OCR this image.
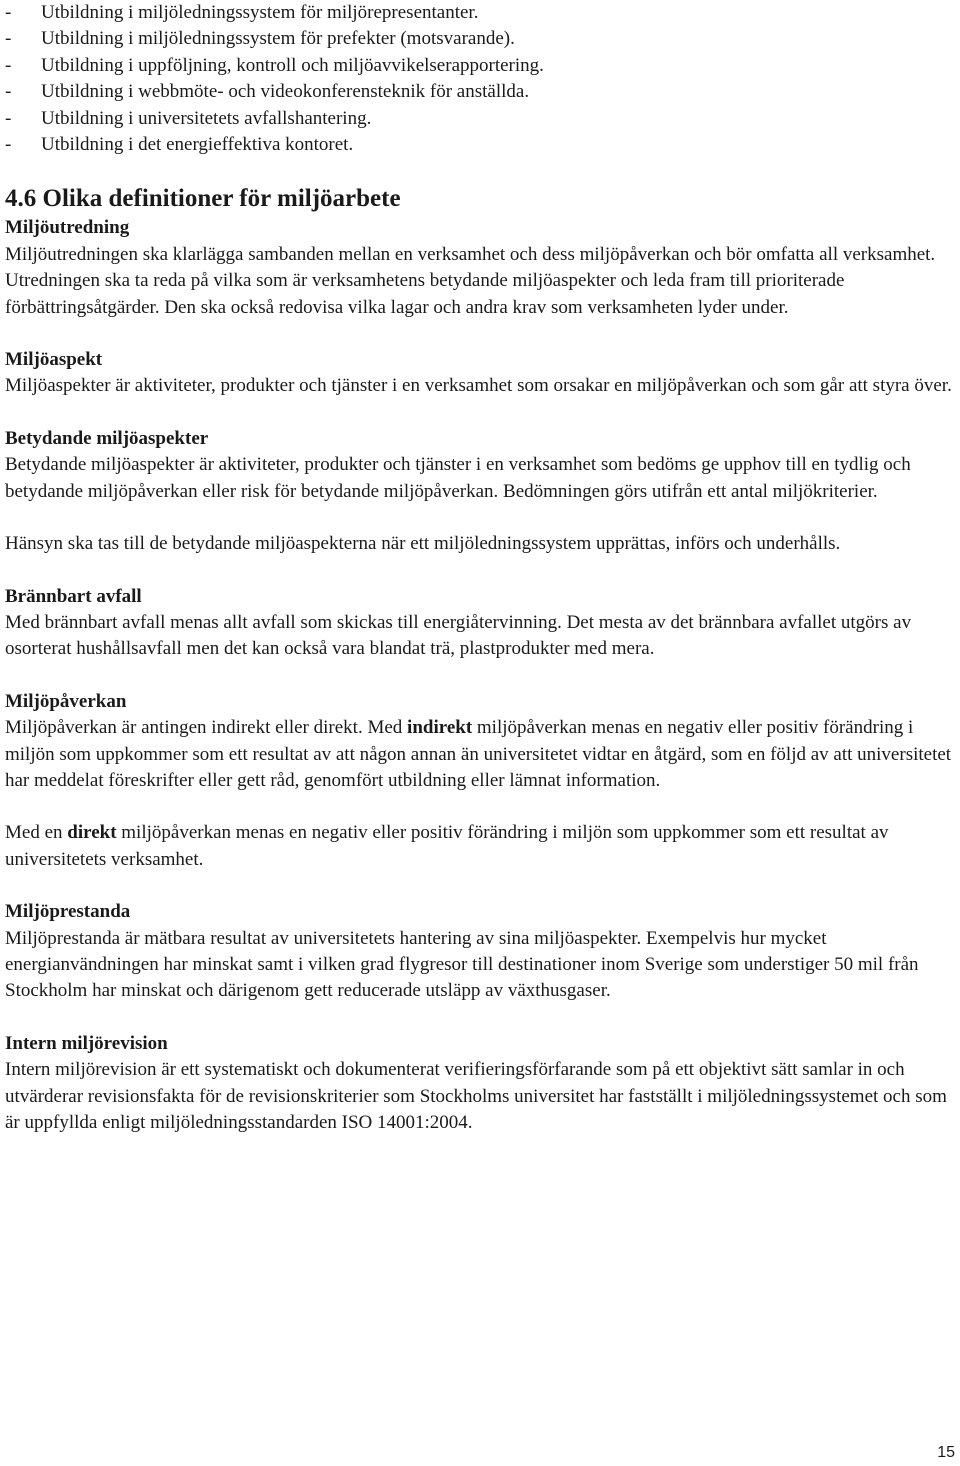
-	Utbildning i miljöledningssystem för miljörepresentanter.
-	Utbildning i miljöledningssystem för prefekter (motsvarande).
-	Utbildning i uppföljning, kontroll och miljöavvikelserapportering.
-	Utbildning i webbmöte- och videokonferensteknik för anställda.
-	Utbildning i universitetets avfallshantering.
-	Utbildning i det energieffektiva kontoret.
4.6 Olika definitioner för miljöarbete
Miljöutredning

Miljöutredningen ska klarlägga sambanden mellan en verksamhet och dess miljöpåverkan och bör omfatta all verksamhet. Utredningen ska ta reda på vilka som är verksamhetens betydande miljöaspekter och leda fram till prioriterade förbättringsåtgärder. Den ska också redovisa vilka lagar och andra krav som verksamheten lyder under.

Miljöaspekt

Miljöaspekter är aktiviteter, produkter och tjänster i en verksamhet som orsakar en miljöpåverkan och som går att styra över.

Betydande miljöaspekter

Betydande miljöaspekter är aktiviteter, produkter och tjänster i en verksamhet som bedöms ge upphov till en tydlig och betydande miljöpåverkan eller risk för betydande miljöpåverkan. Bedömningen görs utifrån ett antal miljökriterier.

Hänsyn ska tas till de betydande miljöaspekterna när ett miljöledningssystem upprättas, införs och underhålls.

Brännbart avfall

Med brännbart avfall menas allt avfall som skickas till energiåtervinning. Det mesta av det brännbara avfallet utgörs av osorterat hushållsavfall men det kan också vara blandat trä, plastprodukter med mera.

Miljöpåverkan

Miljöpåverkan är antingen indirekt eller direkt. Med indirekt miljöpåverkan menas en negativ eller positiv förändring i miljön som uppkommer som ett resultat av att någon annan än universitetet vidtar en åtgärd, som en följd av att universitetet har meddelat föreskrifter eller gett råd, genomfört utbildning eller lämnat information.

Med en direkt miljöpåverkan menas en negativ eller positiv förändring i miljön som uppkommer som ett resultat av universitetets verksamhet.

Miljöprestanda

Miljöprestanda är mätbara resultat av universitetets hantering av sina miljöaspekter. Exempelvis hur mycket energianvändningen har minskat samt i vilken grad flygresor till destinationer inom Sverige som understiger 50 mil från Stockholm har minskat och därigenom gett reducerade utsläpp av växthusgaser.

Intern miljörevision

Intern miljörevision är ett systematiskt och dokumenterat verifieringsförfarande som på ett objektivt sätt samlar in och utvärderar revisionsfakta för de revisionskriterier som Stockholms universitet har fastställt i miljöledningssystemet och som är uppfyllda enligt miljöledningsstandarden ISO 14001:2004.

15
